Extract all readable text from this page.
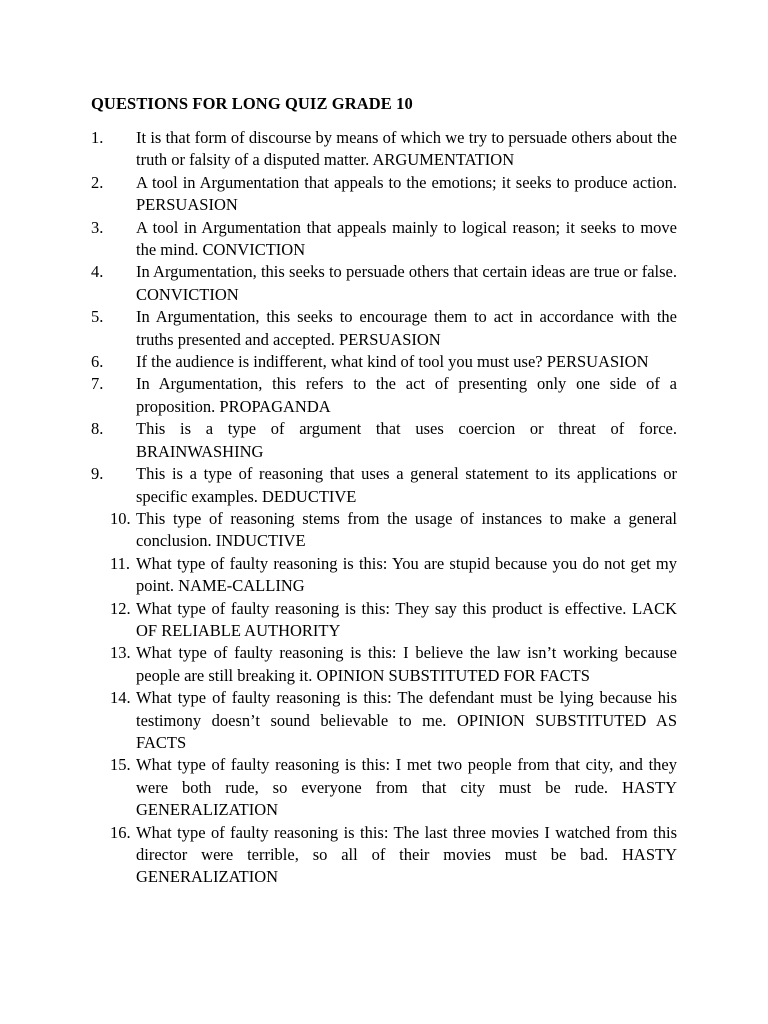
QUESTIONS FOR LONG QUIZ GRADE 10
1.	It is that form of discourse by means of which we try to persuade others about the truth or falsity of a disputed matter. ARGUMENTATION
2.	A tool in Argumentation that appeals to the emotions; it seeks to produce action. PERSUASION
3.	A tool in Argumentation that appeals mainly to logical reason; it seeks to move the mind. CONVICTION
4.	In Argumentation, this seeks to persuade others that certain ideas are true or false. CONVICTION
5.	In Argumentation, this seeks to encourage them to act in accordance with the truths presented and accepted. PERSUASION
6.	If the audience is indifferent, what kind of tool you must use? PERSUASION
7.	In Argumentation, this refers to the act of presenting only one side of a proposition. PROPAGANDA
8.	This is a type of argument that uses coercion or threat of force. BRAINWASHING
9.	This is a type of reasoning that uses a general statement to its applications or specific examples. DEDUCTIVE
10. This type of reasoning stems from the usage of instances to make a general conclusion. INDUCTIVE
11. What type of faulty reasoning is this: You are stupid because you do not get my point. NAME-CALLING
12. What type of faulty reasoning is this: They say this product is effective. LACK OF RELIABLE AUTHORITY
13. What type of faulty reasoning is this: I believe the law isn’t working because people are still breaking it. OPINION SUBSTITUTED FOR FACTS
14. What type of faulty reasoning is this: The defendant must be lying because his testimony doesn’t sound believable to me. OPINION SUBSTITUTED AS FACTS
15. What type of faulty reasoning is this: I met two people from that city, and they were both rude, so everyone from that city must be rude. HASTY GENERALIZATION
16. What type of faulty reasoning is this: The last three movies I watched from this director were terrible, so all of their movies must be bad. HASTY GENERALIZATION
